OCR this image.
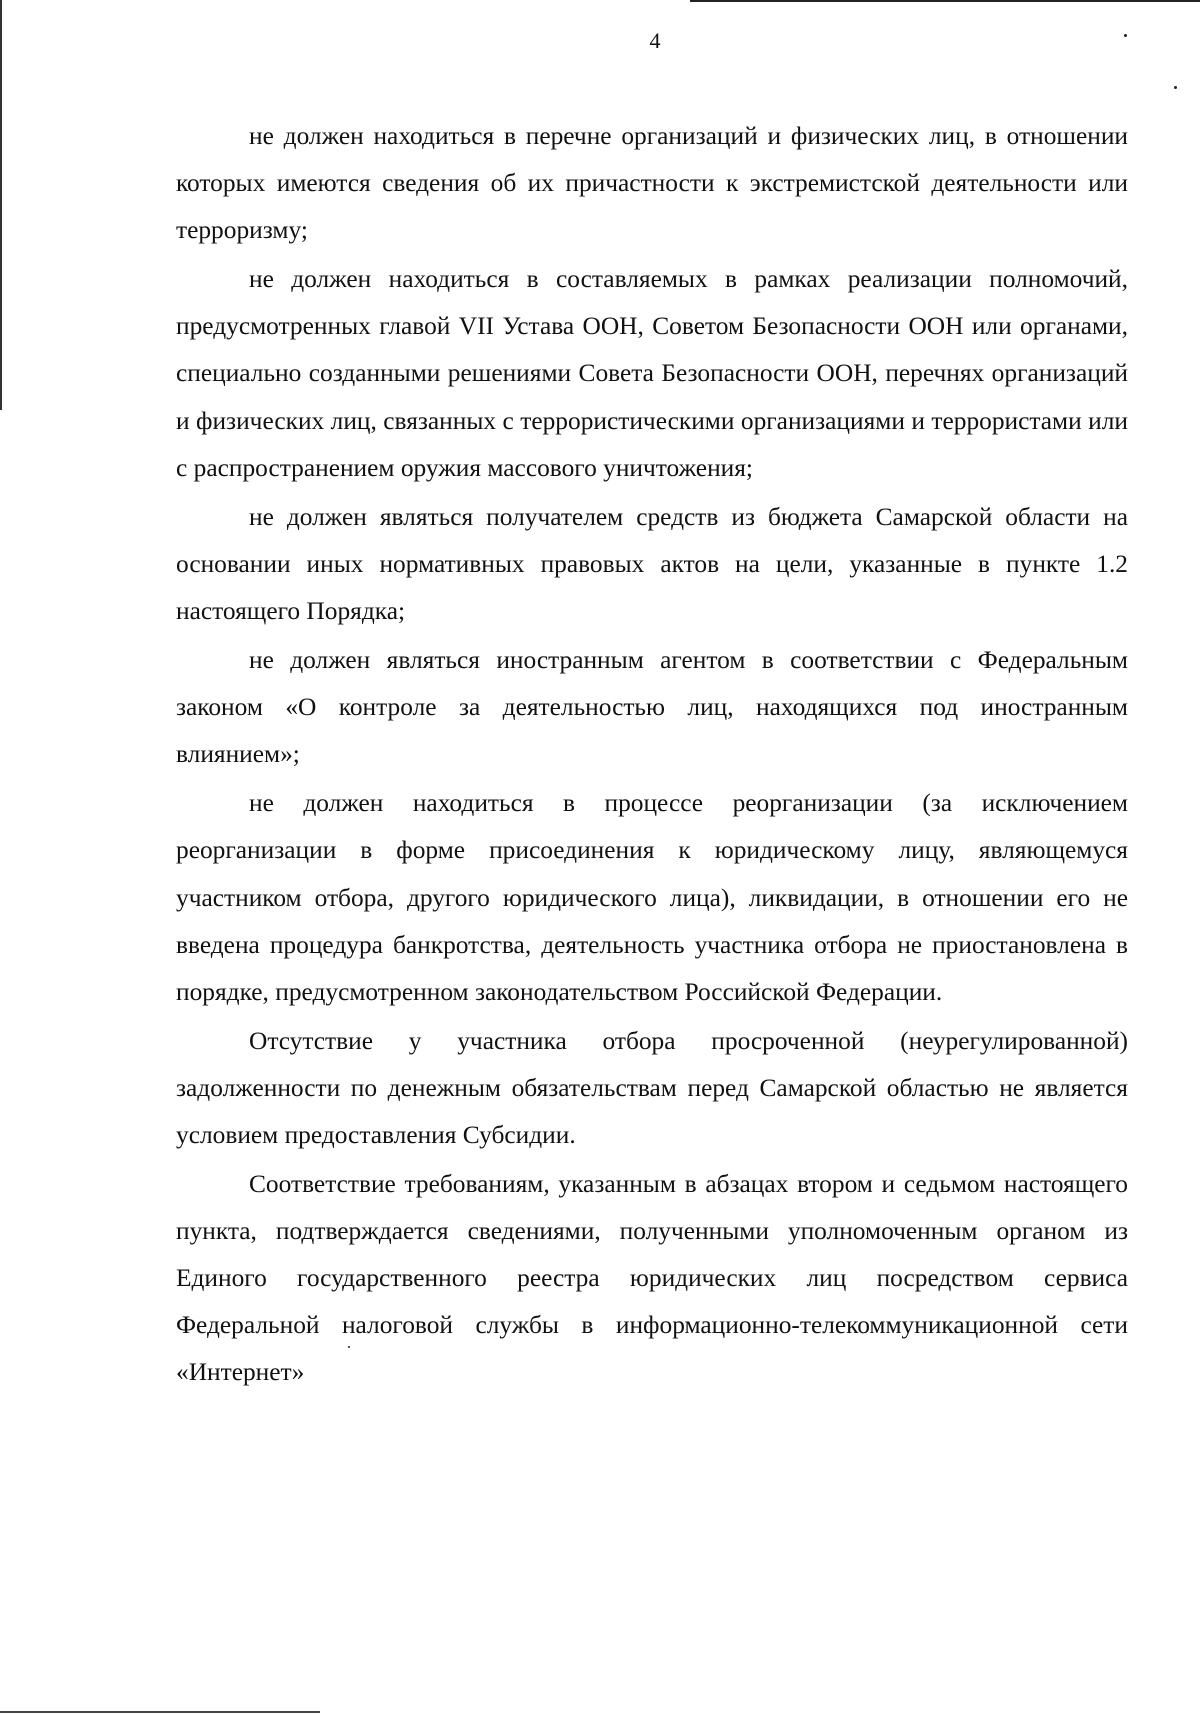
4

не должен находиться в перечне организаций и физических лиц, в отношении которых имеются сведения об их причастности к экстремистской деятельности или терроризму;

не должен находиться в составляемых в рамках реализации полномочий, предусмотренных главой VII Устава ООН, Советом Безопасности ООН или органами, специально созданными решениями Совета Безопасности ООН, перечнях организаций и физических лиц, связанных с террористическими организациями и террористами или с распространением оружия массового уничтожения;

не должен являться получателем средств из бюджета Самарской области на основании иных нормативных правовых актов на цели, указанные в пункте 1.2 настоящего Порядка;

не должен являться иностранным агентом в соответствии с Федеральным законом «О контроле за деятельностью лиц, находящихся под иностранным влиянием»;

не должен находиться в процессе реорганизации (за исключением реорганизации в форме присоединения к юридическому лицу, являющемуся участником отбора, другого юридического лица), ликвидации, в отношении его не введена процедура банкротства, деятельность участника отбора не приостановлена в порядке, предусмотренном законодательством Российской Федерации.

Отсутствие у участника отбора просроченной (неурегулированной) задолженности по денежным обязательствам перед Самарской областью не является условием предоставления Субсидии.

Соответствие требованиям, указанным в абзацах втором и седьмом настоящего пункта, подтверждается сведениями, полученными уполномоченным органом из Единого государственного реестра юридических лиц посредством сервиса Федеральной налоговой службы в информационно-телекоммуникационной сети «Интернет»
